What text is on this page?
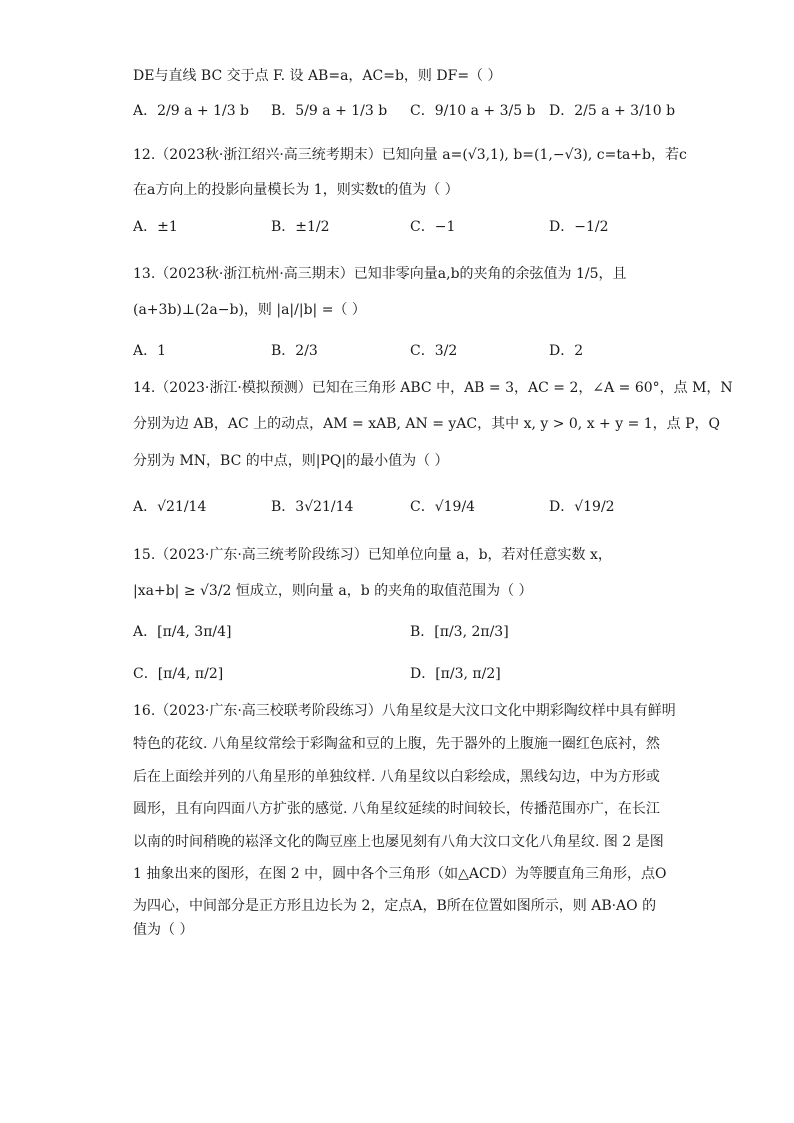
DE与直线 BC 交于点 F. 设 AB=a，AC=b，则 DF=（ ）
A．2/9 a + 1/3 b B．5/9 a + 1/3 b C．9/10 a + 3/5 b D．2/5 a + 3/10 b
12.（2023秋·浙江绍兴·高三统考期末）已知向量 a=(√3,1), b=(1,−√3), c=ta+b，若c
在a方向上的投影向量模长为 1，则实数t的值为（ ）
A．±1	B．±1/2	C．−1	D．−1/2
13.（2023秋·浙江杭州·高三期末）已知非零向量a,b的夹角的余弦值为 1/5，且
(a+3b)⊥(2a−b)，则 |a|/|b| =（ ）
A．1	B．2/3	C．3/2	D．2
14.（2023·浙江·模拟预测）已知在三角形 ABC 中，AB = 3，AC = 2，∠A = 60°，点 M，N
分别为边 AB，AC 上的动点，AM = xAB, AN = yAC，其中 x, y > 0, x + y = 1，点 P，Q
分别为 MN，BC 的中点，则|PQ|的最小值为（ ）
A．√21/14	B．3√21/14	C．√19/4	D．√19/2
15.（2023·广东·高三统考阶段练习）已知单位向量 a，b，若对任意实数 x，
|xa+b| ≥ √3/2 恒成立，则向量 a，b 的夹角的取值范围为（ ）
A．[π/4, 3π/4]	B．[π/3, 2π/3]
C．[π/4, π/2]	D．[π/3, π/2]
16.（2023·广东·高三校联考阶段练习）八角星纹是大汶口文化中期彩陶纹样中具有鲜明
特色的花纹. 八角星纹常绘于彩陶盆和豆的上腹，先于器外的上腹施一圈红色底衬，然
后在上面绘并列的八角星形的单独纹样. 八角星纹以白彩绘成，黑线勾边，中为方形或
圆形，且有向四面八方扩张的感觉. 八角星纹延续的时间较长，传播范围亦广，在长江
以南的时间稍晚的崧泽文化的陶豆座上也屡见刻有八角大汶口文化八角星纹. 图 2 是图
1 抽象出来的图形，在图 2 中，圆中各个三角形（如△ACD）为等腰直角三角形，点O
为四心，中间部分是正方形且边长为 2，定点A，B所在位置如图所示，则 AB·AO 的
值为（ ）
